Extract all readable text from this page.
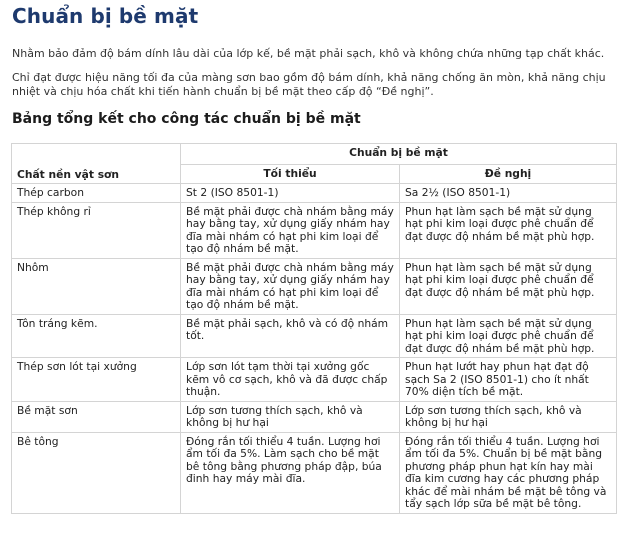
Chuẩn bị bề mặt

Nhằm bảo đảm độ bám dính lâu dài của lớp kế, bề mặt phải sạch, khô và không chứa những tạp chất khác.

Chỉ đạt được hiệu năng tối đa của màng sơn bao gồm độ bám dính, khả năng chống ăn mòn, khả năng chịu nhiệt và chịu hóa chất khi tiến hành chuẩn bị bề mặt theo cấp độ “Đề nghị”.

Bảng tổng kết cho công tác chuẩn bị bề mặt
Chất nền vật sơn	Chuẩn bị bề mặt	
	Tối thiểu	Đề nghị
Thép carbon	St 2 (ISO 8501-1)	Sa 2½ (ISO 8501-1)
Thép không rỉ	Bề mặt phải được chà nhám bằng máy hay bằng tay, xử dụng giấy nhám hay đĩa mài nhám có hạt phi kim loại để tạo độ nhám bề mặt.	Phun hạt làm sạch bề mặt sử dụng hạt phi kim loại được phê chuẩn để đạt được độ nhám bề mặt phù hợp.
Nhôm	Bề mặt phải được chà nhám bằng máy hay bằng tay, xử dụng giấy nhám hay đĩa mài nhám có hạt phi kim loại để tạo độ nhám bề mặt.	Phun hạt làm sạch bề mặt sử dụng hạt phi kim loại được phê chuẩn để đạt được độ nhám bề mặt phù hợp.
Tôn tráng kẽm.	Bề mặt phải sạch, khô và có độ nhám tốt.	Phun hạt làm sạch bề mặt sử dụng hạt phi kim loại được phê chuẩn để đạt được độ nhám bề mặt phù hợp.
Thép sơn lót tại xưởng	Lớp sơn lót tạm thời tại xưởng gốc kẽm vô cơ sạch, khô và đã được chấp thuận.	Phun hạt lướt hay phun hạt đạt độ sạch Sa 2 (ISO 8501-1) cho ít nhất 70% diện tích bề mặt.
Bề mặt sơn	Lớp sơn tương thích sạch, khô và không bị hư hại	Lớp sơn tương thích sạch, khô và không bị hư hại
Bê tông	Đóng rắn tối thiểu 4 tuần. Lượng hơi ẩm tối đa 5%. Làm sạch cho bề mặt bê tông bằng phương pháp đập, búa đinh hay máy mài đĩa.	Đóng rắn tối thiểu 4 tuần. Lượng hơi ẩm tối đa 5%. Chuẩn bị bề mặt bằng phương pháp phun hạt kín hay mài đĩa kim cương hay các phương pháp khác để mài nhám bề mặt bê tông và tẩy sạch lớp sữa bề mặt bê tông.
